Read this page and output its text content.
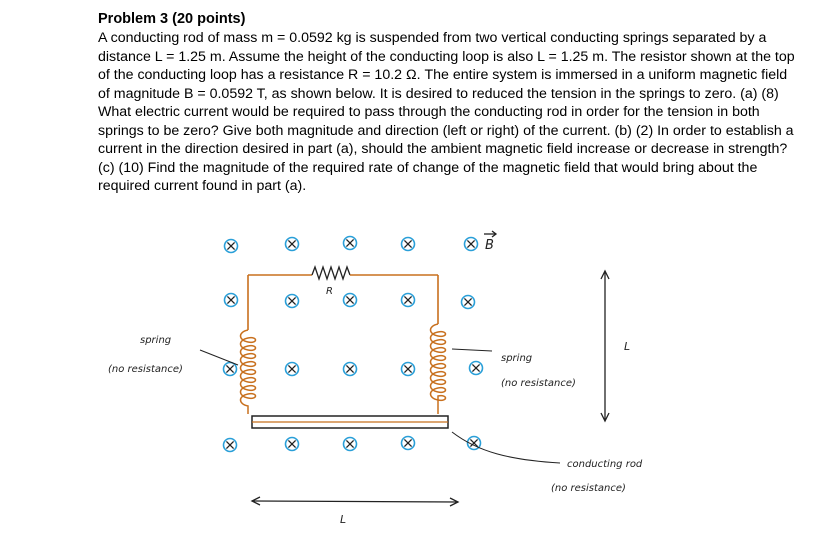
Problem 3 (20 points)

A conducting rod of mass m = 0.0592 kg is suspended from two vertical conducting springs separated by a distance L = 1.25 m. Assume the height of the conducting loop is also L = 1.25 m. The resistor shown at the top of the conducting loop has a resistance R = 10.2 Ω. The entire system is immersed in a uniform magnetic field of magnitude B = 0.0592 T, as shown below. It is desired to reduced the tension in the springs to zero. (a) (8) What electric current would be required to pass through the conducting rod in order for the tension in both springs to be zero? Give both magnitude and direction (left or right) of the current. (b) (2) In order to establish a current in the direction desired in part (a), should the ambient magnetic field increase or decrease in strength? (c) (10) Find the magnitude of the required rate of change of the magnetic field that would bring about the required current found in part (a).

B
R
spring
(no resistance)
spring
(no resistance)
L
L
conducting rod
(no resistance)
